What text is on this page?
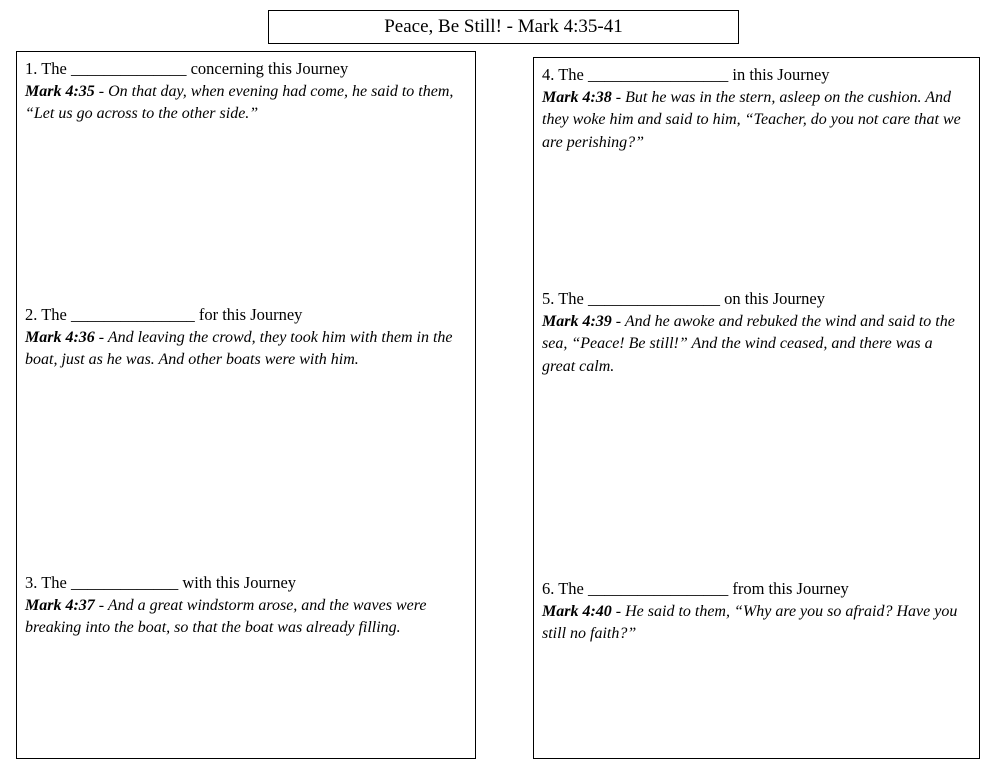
Peace, Be Still! - Mark 4:35-41
1. The ______________ concerning this Journey
Mark 4:35 - On that day, when evening had come, he said to them, “Let us go across to the other side.”
2. The _______________ for this Journey
Mark 4:36 - And leaving the crowd, they took him with them in the boat, just as he was. And other boats were with him.
3. The _____________ with this Journey
Mark 4:37 - And a great windstorm arose, and the waves were breaking into the boat, so that the boat was already filling.
4. The _________________ in this Journey
Mark 4:38 - But he was in the stern, asleep on the cushion. And they woke him and said to him, “Teacher, do you not care that we are perishing?”
5. The ________________ on this Journey
Mark 4:39 - And he awoke and rebuked the wind and said to the sea, “Peace! Be still!” And the wind ceased, and there was a great calm.
6. The _________________ from this Journey
Mark 4:40 - He said to them, “Why are you so afraid? Have you still no faith?”
